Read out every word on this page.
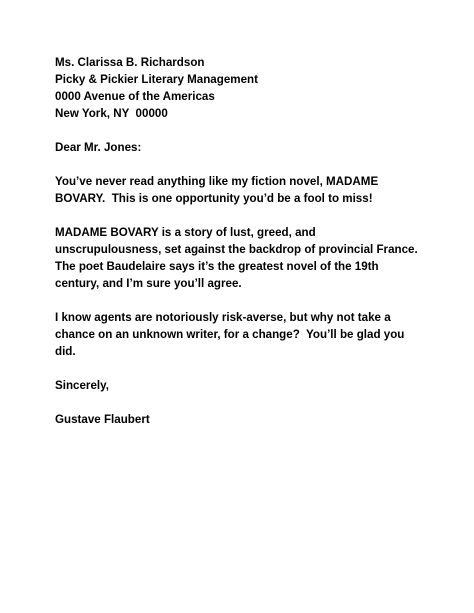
Ms. Clarissa B. Richardson
Picky & Pickier Literary Management
0000 Avenue of the Americas
New York, NY  00000
Dear Mr. Jones:
You’ve never read anything like my fiction novel, MADAME
BOVARY.  This is one opportunity you’d be a fool to miss!
MADAME BOVARY is a story of lust, greed, and
unscrupulousness, set against the backdrop of provincial France.
The poet Baudelaire says it’s the greatest novel of the 19th
century, and I’m sure you’ll agree.
I know agents are notoriously risk-averse, but why not take a
chance on an unknown writer, for a change?  You’ll be glad you
did.
Sincerely,
Gustave Flaubert
